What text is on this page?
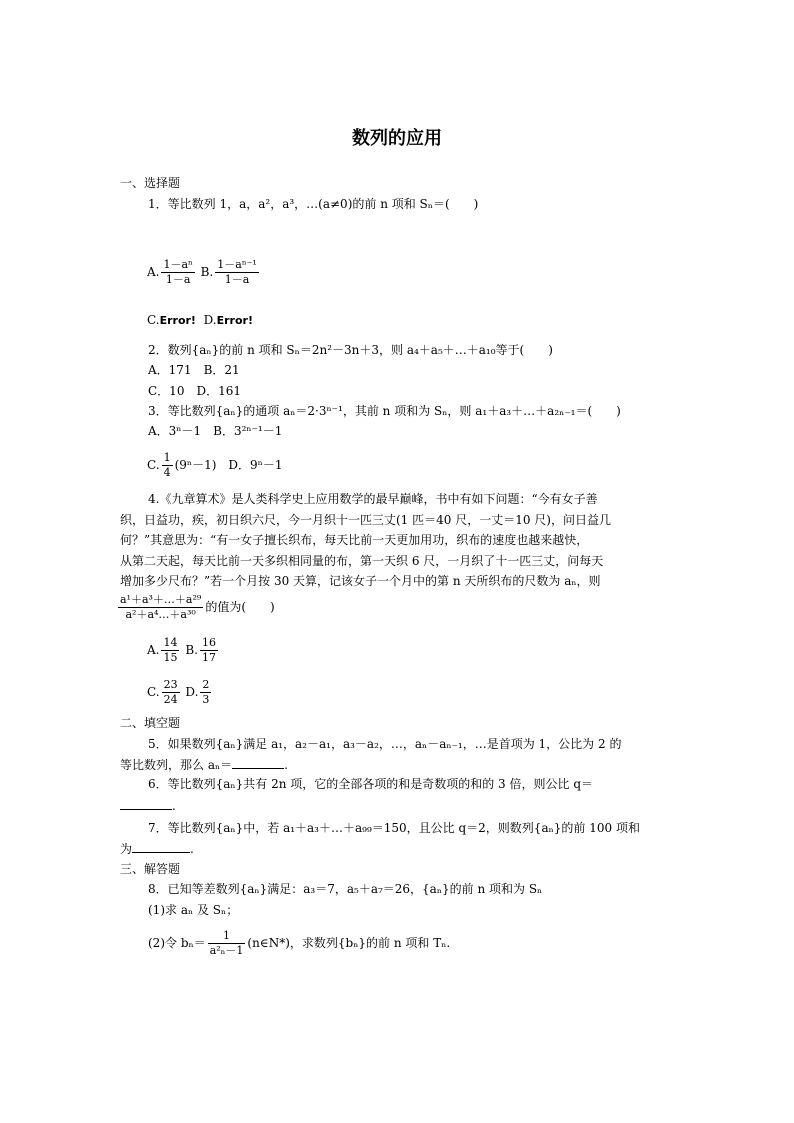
数列的应用
一、选择题
1．等比数列 1，a，a²，a³，…(a≠0)的前 n 项和 Sₙ＝(　　)
A. $\frac{\text{1－aⁿ}}{1-a} B$. $\frac{\text{1－aⁿ⁻¹}}{1-a}$
C.Error! D.Error!
2．数列{aₙ}的前 n 项和 Sₙ＝2n²－3n＋3，则 a₄＋a₅＋…＋a₁₀等于(　　)
A．171　B．21
C．10　D．161
3．等比数列{aₙ}的通项 aₙ＝2·3ⁿ⁻¹，其前 n 项和为 Sₙ，则 a₁＋a₃＋…＋a₂ₙ₋₁＝(　　)
A．3ⁿ－1　B．3²ⁿ⁻¹－1
C. $\frac{1}{4} (9^n-1)$　D．9ⁿ－1
4.《九章算术》是人类科学史上应用数学的最早巅峰，书中有如下问题：“今有女子善
织，日益功，疾，初日织六尺，今一月织十一匹三丈(1 匹＝40 尺，一丈＝10 尺)，问日益几
何？”其意思为：“有一女子擅长织布，每天比前一天更加用功，织布的速度也越来越快，
从第二天起，每天比前一天多织相同量的布，第一天织 6 尺，一月织了十一匹三丈，问每天
增加多少尺布？”若一个月按 30 天算，记该女子一个月中的第 n 天所织布的尺数为 aₙ，则
$\frac{\text{a¹＋a³＋…＋a²⁹}}{\text{a²＋a⁴…＋a³⁰}}$ 的值为(　　)
A. $\frac{14}{15} B$. $\frac{16}{17}$
C. $\frac{23}{24} D$. $\frac{2}{3}$
二、填空题
5．如果数列{aₙ}满足 a₁，a₂－a₁，a₃－a₂，…，aₙ－aₙ₋₁，…是首项为 1，公比为 2 的
等比数列，那么 aₙ＝	.
6．等比数列{aₙ}共有 2n 项，它的全部各项的和是奇数项的和的 3 倍，则公比 q＝
.
7．等比数列{aₙ}中，若 a₁＋a₃＋…＋a₉₉＝150，且公比 q＝2，则数列{aₙ}的前 100 项和
为	.
三、解答题
8．已知等差数列{aₙ}满足：a₃＝7，a₅＋a₇＝26，{aₙ}的前 n 项和为 Sₙ
(1)求 aₙ 及 Sₙ；
(2)令 $b_n= \frac{1}{\text{a²ₙ－1}}$ (n∈N*)，求数列{bₙ}的前 n 项和 Tₙ.
